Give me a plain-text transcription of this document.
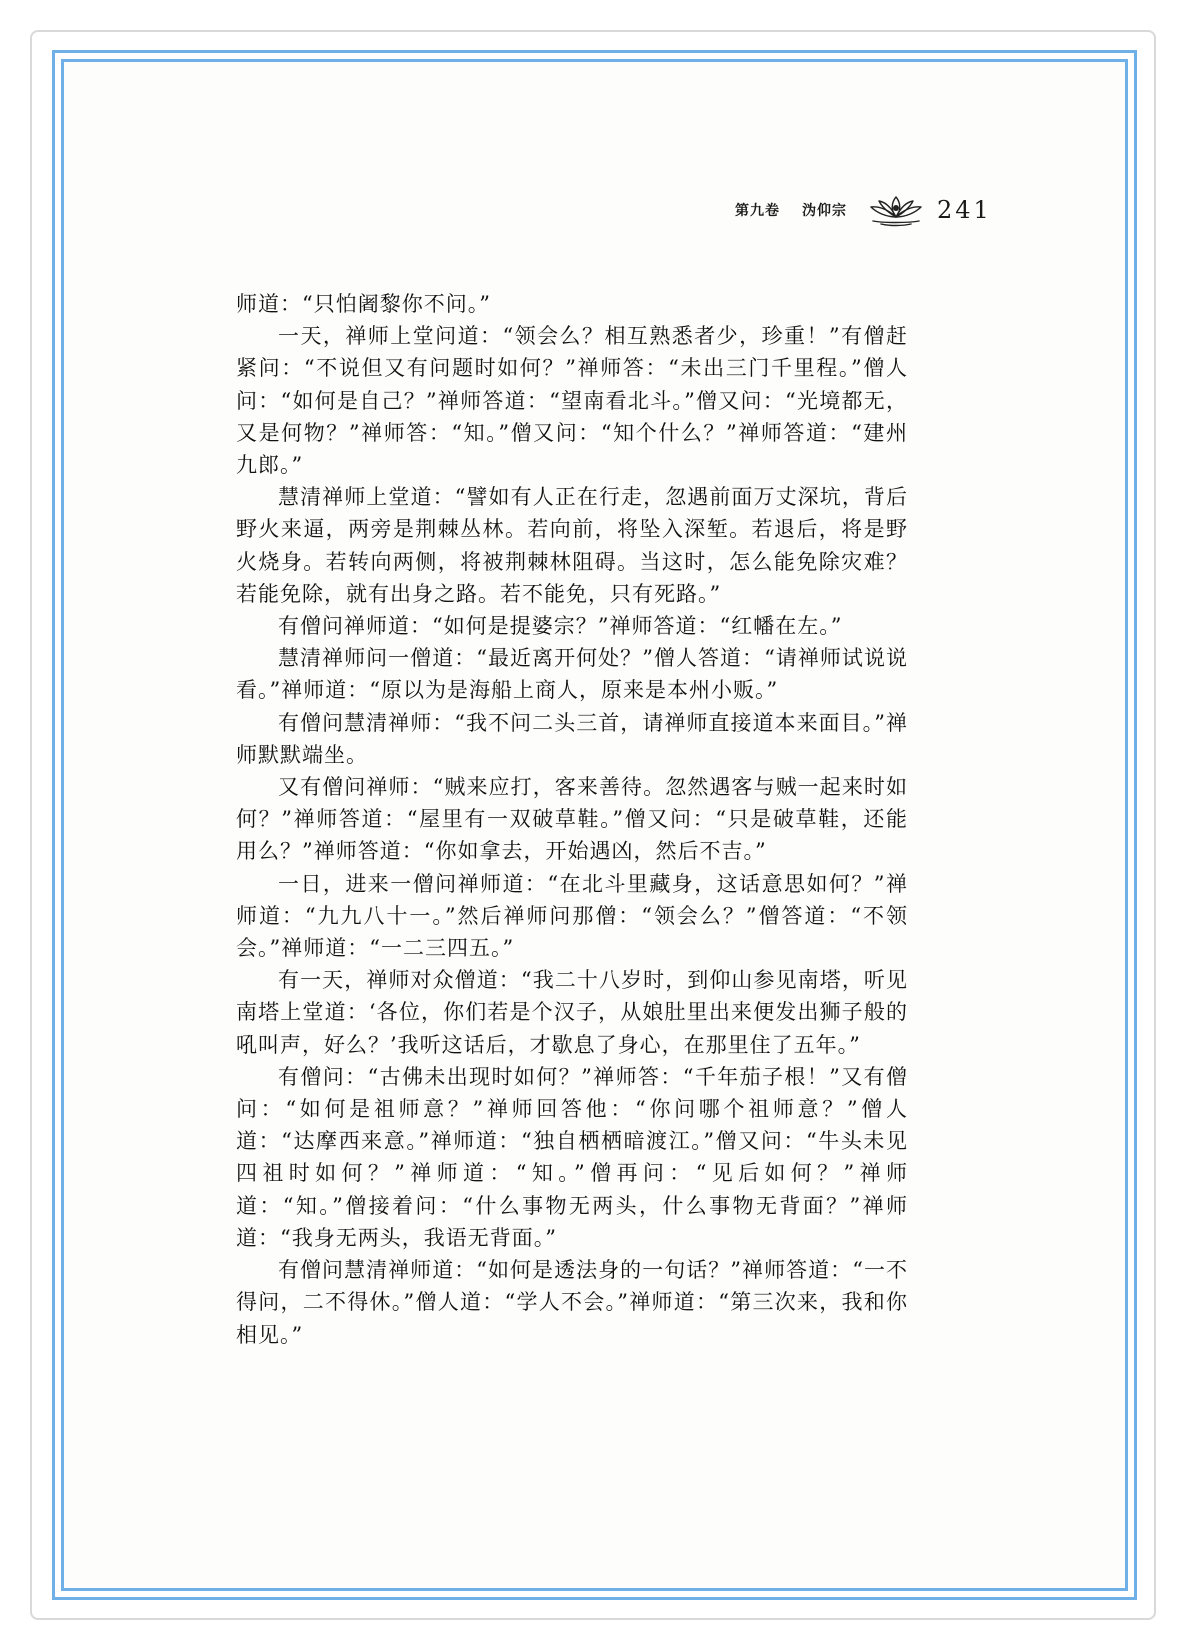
第九卷 沩仰宗	241

师道：“只怕阇黎你不问。”

一天，禅师上堂问道：“领会么？相互熟悉者少，珍重！”有僧赶紧问：“不说但又有问题时如何？”禅师答：“未出三门千里程。”僧人问：“如何是自己？”禅师答道：“望南看北斗。”僧又问：“光境都无，又是何物？”禅师答：“知。”僧又问：“知个什么？”禅师答道：“建州九郎。”

慧清禅师上堂道：“譬如有人正在行走，忽遇前面万丈深坑，背后野火来逼，两旁是荆棘丛林。若向前，将坠入深堑。若退后，将是野火烧身。若转向两侧，将被荆棘林阻碍。当这时，怎么能免除灾难？若能免除，就有出身之路。若不能免，只有死路。”

有僧问禅师道：“如何是提婆宗？”禅师答道：“红幡在左。”

慧清禅师问一僧道：“最近离开何处？”僧人答道：“请禅师试说说看。”禅师道：“原以为是海船上商人，原来是本州小贩。”

有僧问慧清禅师：“我不问二头三首，请禅师直接道本来面目。”禅师默默端坐。

又有僧问禅师：“贼来应打，客来善待。忽然遇客与贼一起来时如何？”禅师答道：“屋里有一双破草鞋。”僧又问：“只是破草鞋，还能用么？”禅师答道：“你如拿去，开始遇凶，然后不吉。”

一日，进来一僧问禅师道：“在北斗里藏身，这话意思如何？”禅师道：“九九八十一。”然后禅师问那僧：“领会么？”僧答道：“不领会。”禅师道：“一二三四五。”

有一天，禅师对众僧道：“我二十八岁时，到仰山参见南塔，听见南塔上堂道：‘各位，你们若是个汉子，从娘肚里出来便发出狮子般的吼叫声，好么？’我听这话后，才歇息了身心，在那里住了五年。”

有僧问：“古佛未出现时如何？”禅师答：“千年茄子根！”又有僧问：“如何是祖师意？”禅师回答他：“你问哪个祖师意？”僧人道：“达摩西来意。”禅师道：“独自栖栖暗渡江。”僧又问：“牛头未见四祖时如何？”禅师道：“知。”僧再问：“见后如何？”禅师道：“知。”僧接着问：“什么事物无两头，什么事物无背面？”禅师道：“我身无两头，我语无背面。”

有僧问慧清禅师道：“如何是透法身的一句话？”禅师答道：“一不得问，二不得休。”僧人道：“学人不会。”禅师道：“第三次来，我和你相见。”
